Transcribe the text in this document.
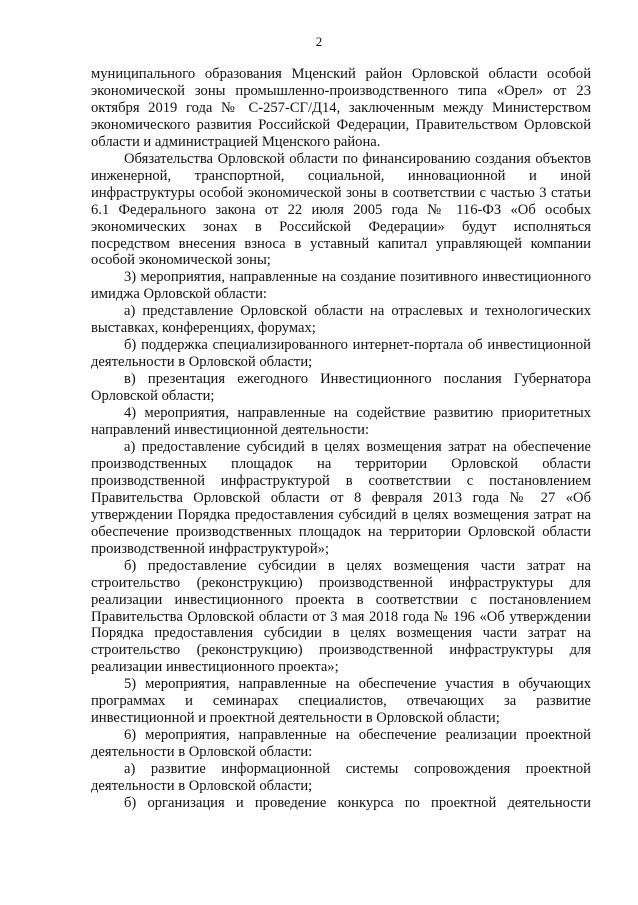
2

муниципального образования Мценский район Орловской области особой экономической зоны промышленно-производственного типа «Орел» от 23 октября 2019 года № С-257-СГ/Д14, заключенным между Министерством экономического развития Российской Федерации, Правительством Орловской области и администрацией Мценского района.

Обязательства Орловской области по финансированию создания объектов инженерной, транспортной, социальной, инновационной и иной инфраструктуры особой экономической зоны в соответствии с частью 3 статьи 6.1 Федерального закона от 22 июля 2005 года № 116-ФЗ «Об особых экономических зонах в Российской Федерации» будут исполняться посредством внесения взноса в уставный капитал управляющей компании особой экономической зоны;

3) мероприятия, направленные на создание позитивного инвестиционного имиджа Орловской области:

а) представление Орловской области на отраслевых и технологических выставках, конференциях, форумах;

б) поддержка специализированного интернет-портала об инвестиционной деятельности в Орловской области;

в) презентация ежегодного Инвестиционного послания Губернатора Орловской области;

4) мероприятия, направленные на содействие развитию приоритетных направлений инвестиционной деятельности:

а) предоставление субсидий в целях возмещения затрат на обеспечение производственных площадок на территории Орловской области производственной инфраструктурой в соответствии с постановлением Правительства Орловской области от 8 февраля 2013 года № 27 «Об утверждении Порядка предоставления субсидий в целях возмещения затрат на обеспечение производственных площадок на территории Орловской области производственной инфраструктурой»;

б) предоставление субсидии в целях возмещения части затрат на строительство (реконструкцию) производственной инфраструктуры для реализации инвестиционного проекта в соответствии с постановлением Правительства Орловской области от 3 мая 2018 года № 196 «Об утверждении Порядка предоставления субсидии в целях возмещения части затрат на строительство (реконструкцию) производственной инфраструктуры для реализации инвестиционного проекта»;

5) мероприятия, направленные на обеспечение участия в обучающих программах и семинарах специалистов, отвечающих за развитие инвестиционной и проектной деятельности в Орловской области;

6) мероприятия, направленные на обеспечение реализации проектной деятельности в Орловской области:

а) развитие информационной системы сопровождения проектной деятельности в Орловской области;

б) организация и проведение конкурса по проектной деятельности
